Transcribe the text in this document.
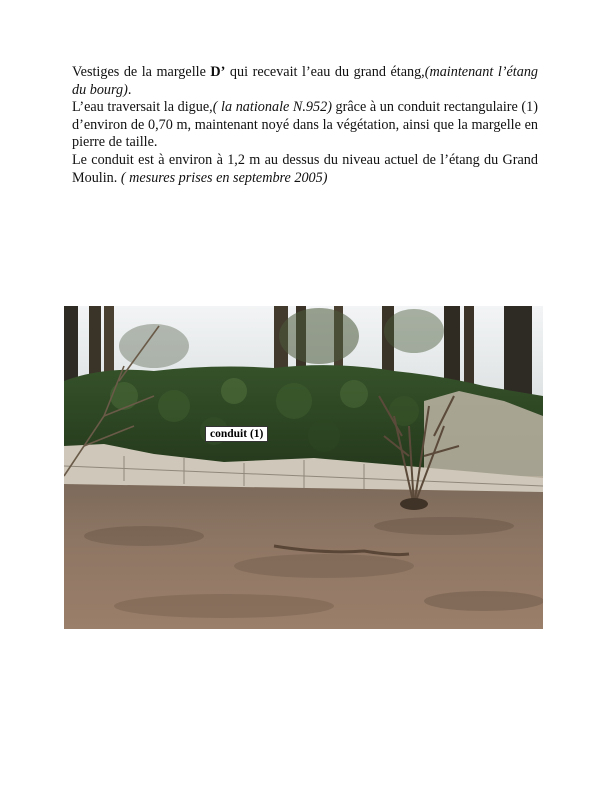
Vestiges de la margelle D’ qui recevait l’eau du grand étang,(maintenant l’étang du bourg).

L’eau traversait la digue,( la nationale N.952) grâce à un conduit rectangulaire (1) d’environ de 0,70 m, maintenant noyé dans la végétation, ainsi que la margelle en pierre de taille.

Le conduit est à environ à 1,2 m au dessus du niveau actuel de l’étang du Grand Moulin. ( mesures prises en septembre 2005)

conduit (1)
